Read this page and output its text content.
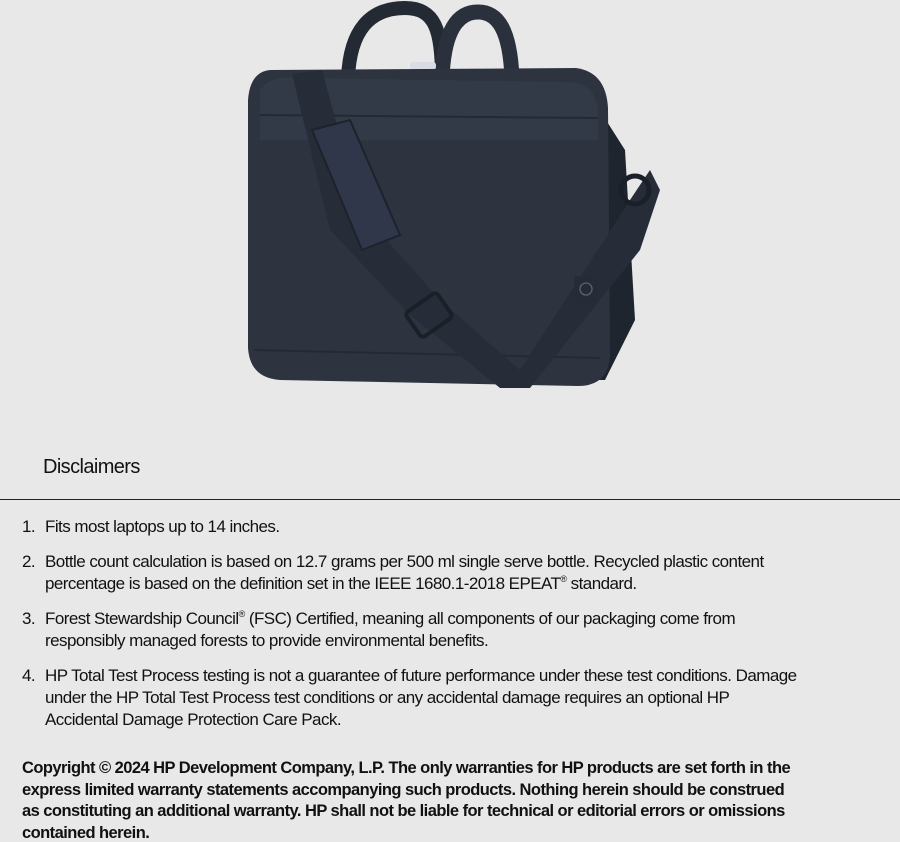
Disclaimers
1. Fits most laptops up to 14 inches.
2. Bottle count calculation is based on 12.7 grams per 500 ml single serve bottle. Recycled plastic content percentage is based on the definition set in the IEEE 1680.1-2018 EPEAT® standard.
3. Forest Stewardship Council® (FSC) Certified, meaning all components of our packaging come from responsibly managed forests to provide environmental benefits.
4. HP Total Test Process testing is not a guarantee of future performance under these test conditions. Damage under the HP Total Test Process test conditions or any accidental damage requires an optional HP Accidental Damage Protection Care Pack.

Copyright © 2024 HP Development Company, L.P. The only warranties for HP products are set forth in the express limited warranty statements accompanying such products. Nothing herein should be construed as constituting an additional warranty. HP shall not be liable for technical or editorial errors or omissions contained herein.
